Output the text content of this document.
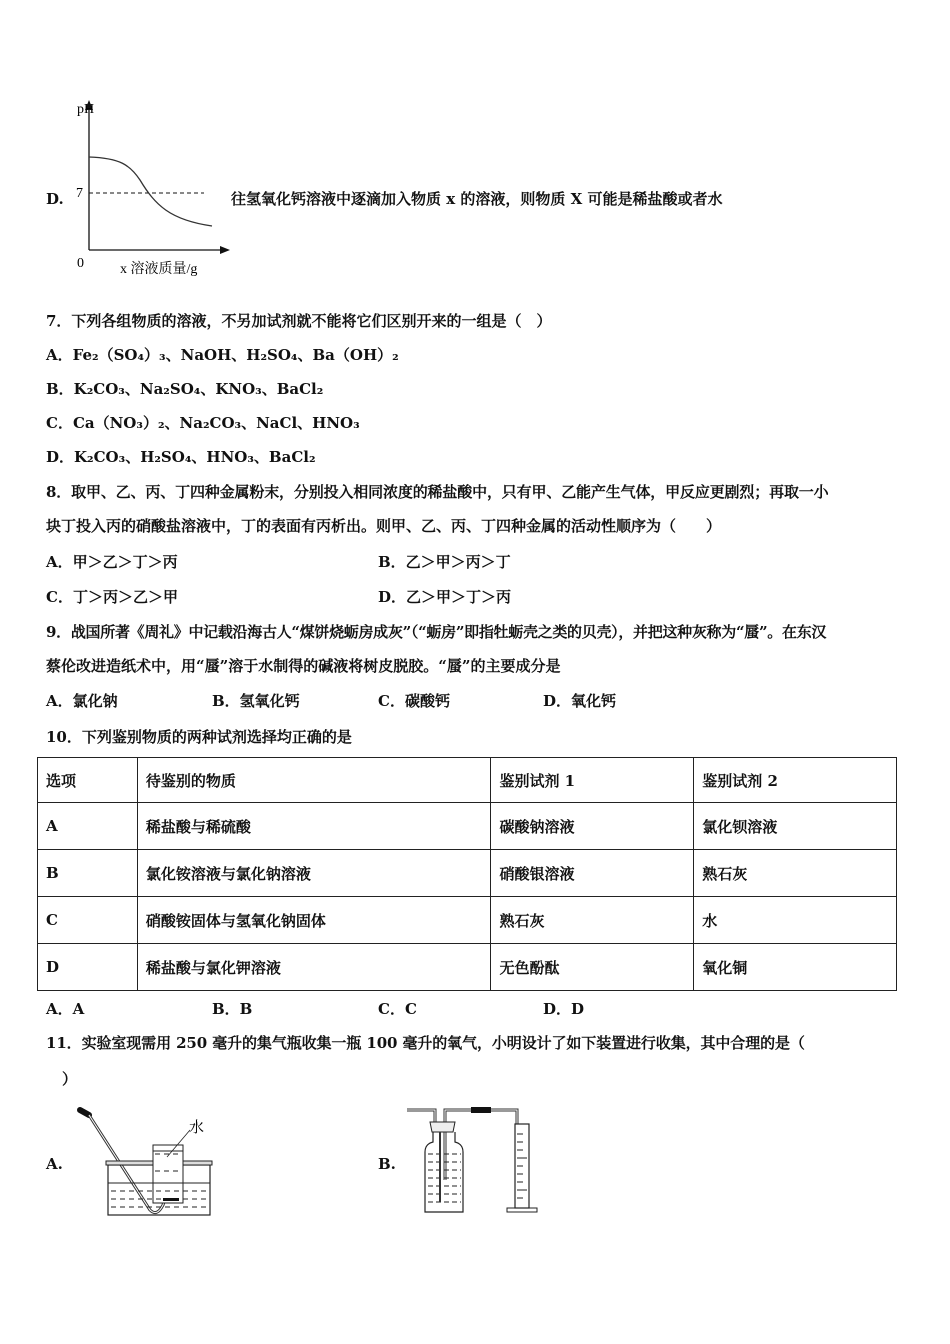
pH
7
0	x 溶液质量/g
D.	往氢氧化钙溶液中逐滴加入物质 x 的溶液，则物质 X 可能是稀盐酸或者水
7．下列各组物质的溶液，不另加试剂就不能将它们区别开来的一组是（　）
A．Fe₂（SO₄）₃、NaOH、H₂SO₄、Ba（OH）₂
B．K₂CO₃、Na₂SO₄、KNO₃、BaCl₂
C．Ca（NO₃）₂、Na₂CO₃、NaCl、HNO₃
D．K₂CO₃、H₂SO₄、HNO₃、BaCl₂
8．取甲、乙、丙、丁四种金属粉末，分别投入相同浓度的稀盐酸中，只有甲、乙能产生气体，甲反应更剧烈；再取一小
块丁投入丙的硝酸盐溶液中，丁的表面有丙析出。则甲、乙、丙、丁四种金属的活动性顺序为（　　）
A．甲＞乙＞丁＞丙	B．乙＞甲＞丙＞丁
C．丁＞丙＞乙＞甲	D．乙＞甲＞丁＞丙
9．战国所著《周礼》中记载沿海古人“煤饼烧蛎房成灰”（“蛎房”即指牡蛎壳之类的贝壳），并把这种灰称为“蜃”。在东汉
蔡伦改进造纸术中，用“蜃”溶于水制得的碱液将树皮脱胶。“蜃”的主要成分是
A．氯化钠	B．氢氧化钙	C．碳酸钙	D．氧化钙
10．下列鉴别物质的两种试剂选择均正确的是
选项	待鉴别的物质	鉴别试剂 1	鉴别试剂 2
A	稀盐酸与稀硫酸	碳酸钠溶液	氯化钡溶液
B	氯化铵溶液与氯化钠溶液	硝酸银溶液	熟石灰
C	硝酸铵固体与氢氧化钠固体	熟石灰	水
D	稀盐酸与氯化钾溶液	无色酚酞	氧化铜
A．A	B．B	C．C	D．D
11．实验室现需用 250 毫升的集气瓶收集一瓶 100 毫升的氧气，小明设计了如下装置进行收集，其中合理的是（
）
A.	B.
水
